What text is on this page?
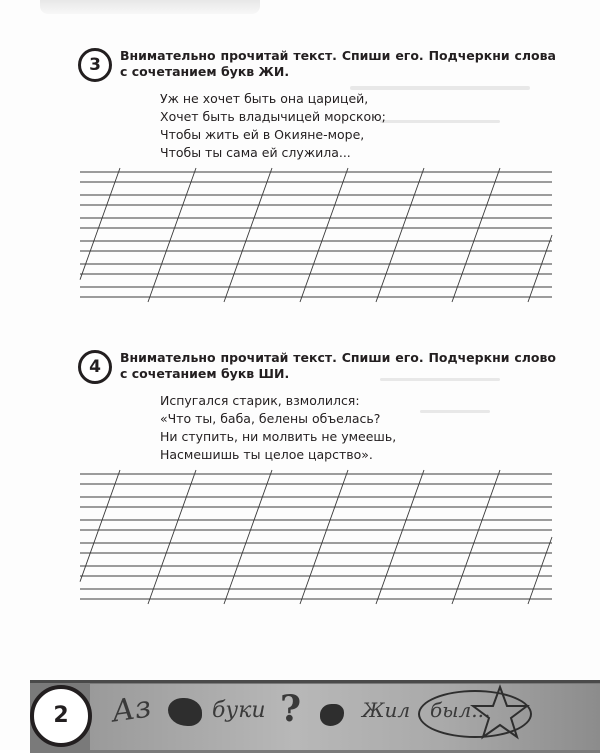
3	Внимательно прочитай текст. Спиши его. Подчеркни слова с сочетанием букв ЖИ.
Уж не хочет быть она царицей,
Хочет быть владычицей морскою;
Чтобы жить ей в Окияне-море,
Чтобы ты сама ей служила...
4	Внимательно прочитай текст. Спиши его. Подчеркни слово с сочетанием букв ШИ.
Испугался старик, взмолился:
«Что ты, баба, белены объелась?
Ни ступить, ни молвить не умеешь,
Насмешишь ты целое царство».
Аз	буки ?	Жил был...
2
